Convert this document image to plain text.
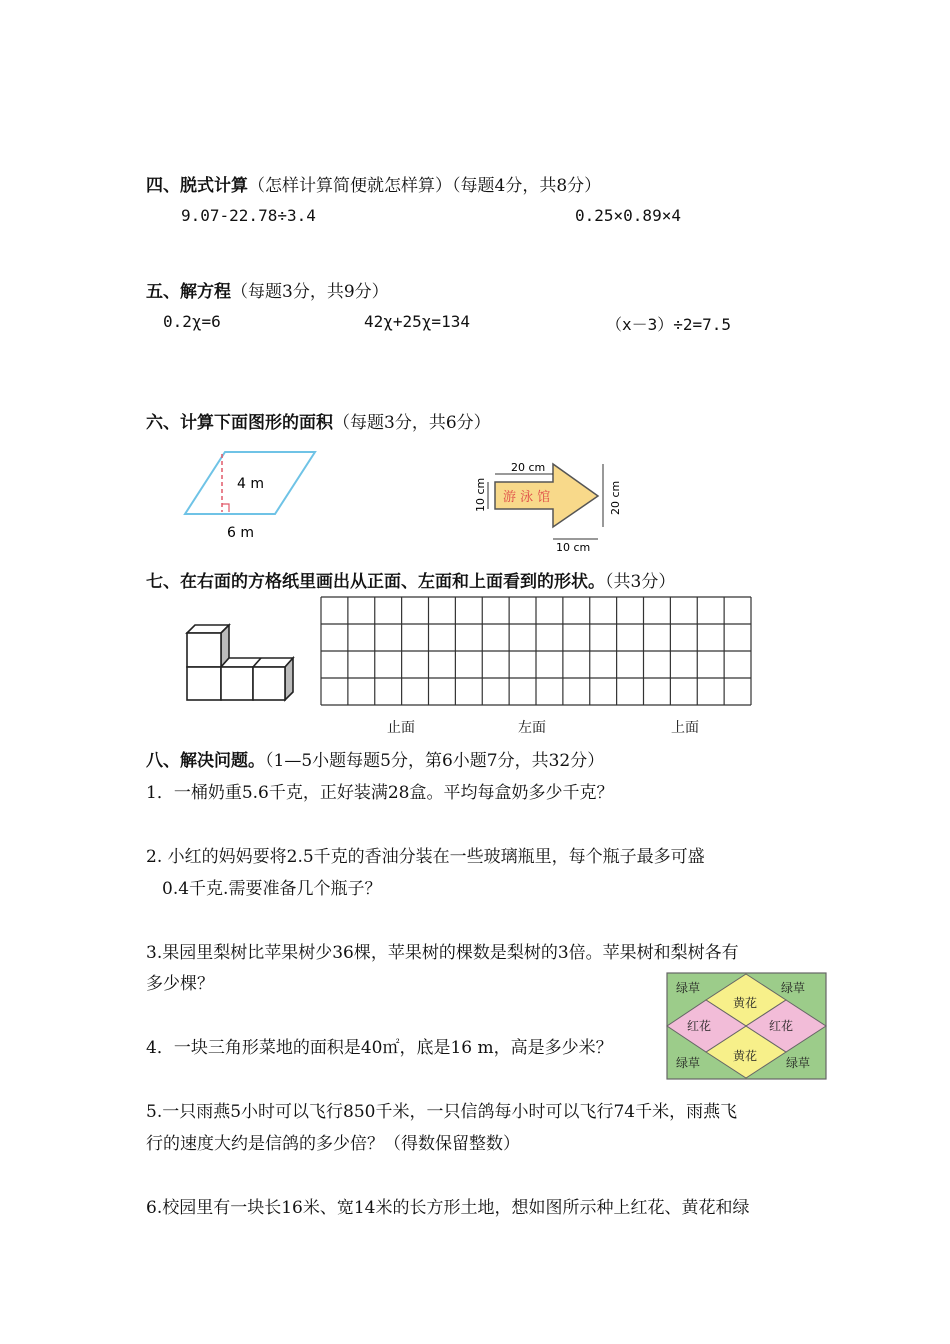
四、脱式计算（怎样计算简便就怎样算）（每题4分，共8分）
9.07-22.78÷3.4	0.25×0.89×4
五、解方程（每题3分，共9分）
0.2χ=6	42χ+25χ=134	（x－3）÷2=7.5
六、计算下面图形的面积（每题3分，共6分）
4 m
6 m
20 cm
10 cm	20 cm
10 cm
游 泳 馆
七、在右面的方格纸里画出从正面、左面和上面看到的形状。（共3分）
止面	左面	上面
八、解决问题。（1—5小题每题5分，第6小题7分，共32分）
1．一桶奶重5.6千克，正好装满28盒。平均每盒奶多少千克？
2. 小红的妈妈要将2.5千克的香油分装在一些玻璃瓶里，每个瓶子最多可盛
0.4千克.需要准备几个瓶子？
3.果园里梨树比苹果树少36棵，苹果树的棵数是梨树的3倍。苹果树和梨树各有
多少棵？
4．一块三角形菜地的面积是40㎡，底是16 m，高是多少米？
5.一只雨燕5小时可以飞行850千米，一只信鸽每小时可以飞行74千米，雨燕飞
行的速度大约是信鸽的多少倍？（得数保留整数）
6.校园里有一块长16米、宽14米的长方形土地，想如图所示种上红花、黄花和绿
绿草	绿草
黄花
红花	红花
黄花
绿草	绿草
